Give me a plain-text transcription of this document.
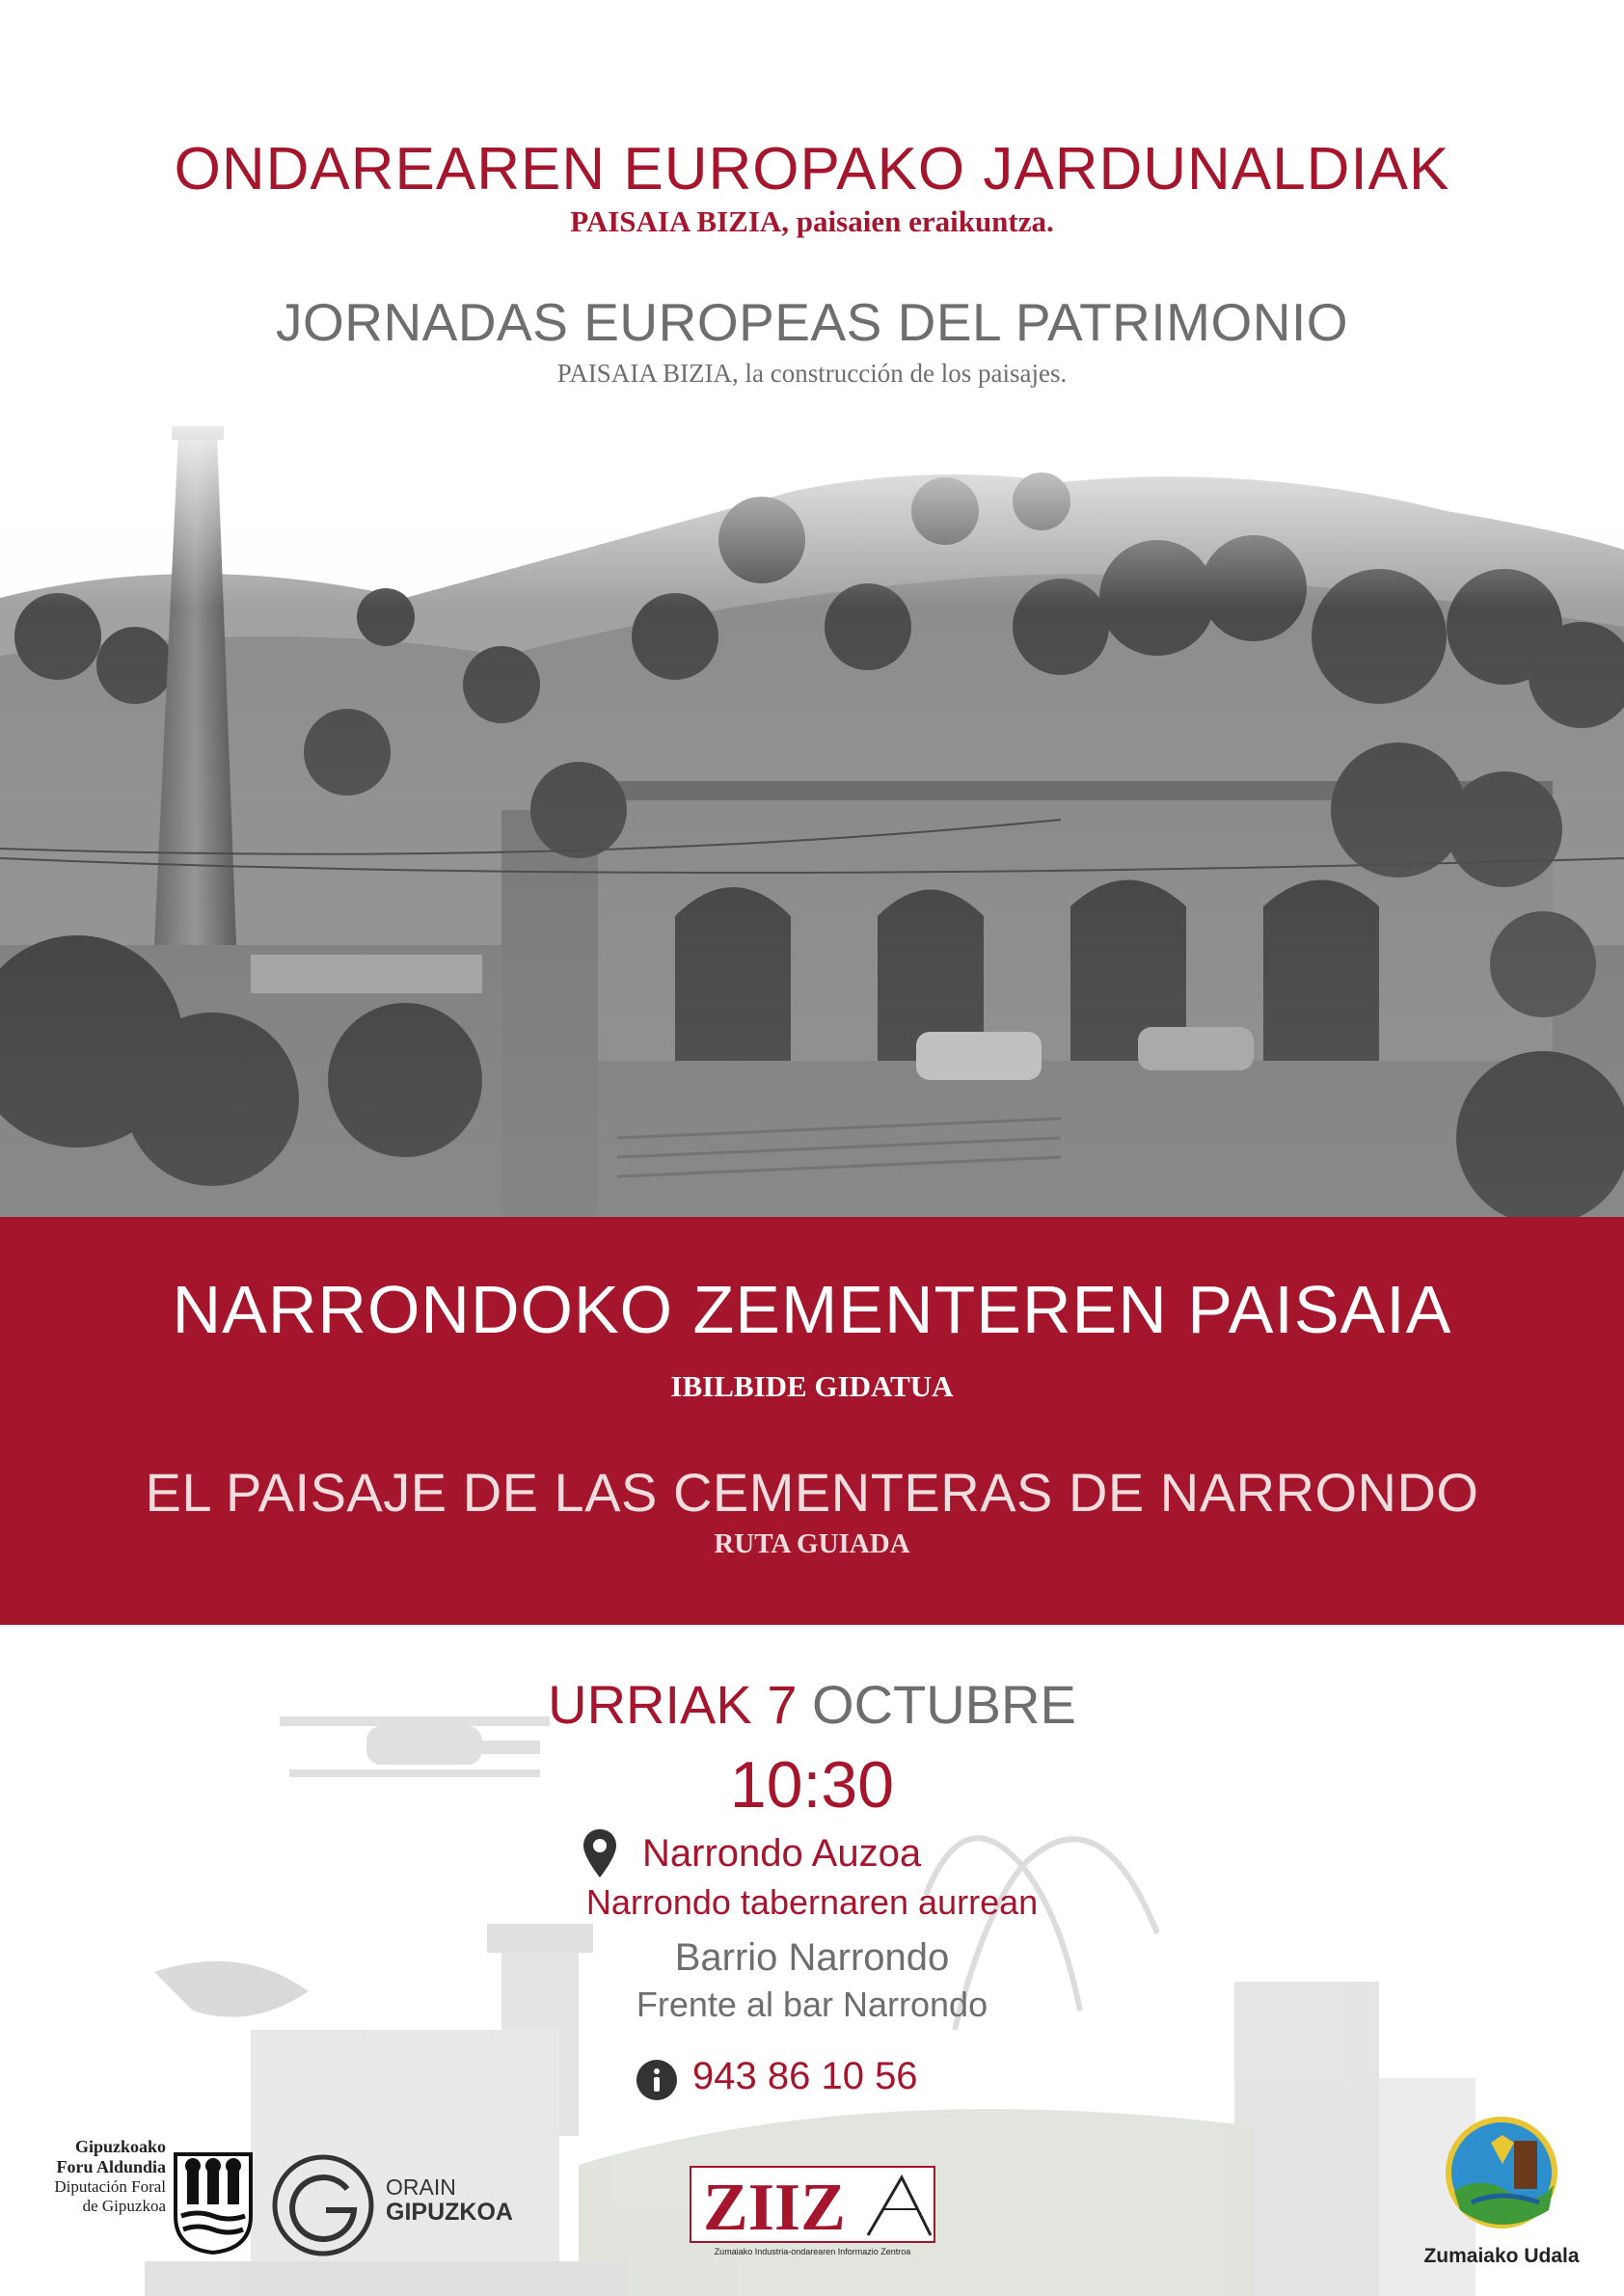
ONDAREAREN EUROPAKO JARDUNALDIAK
PAISAIA BIZIA, paisaien eraikuntza.
JORNADAS EUROPEAS DEL PATRIMONIO
PAISAIA BIZIA, la construcción de los paisajes.
NARRONDOKO ZEMENTEREN PAISAIA
IBILBIDE GIDATUA
EL PAISAJE DE LAS CEMENTERAS DE NARRONDO
RUTA GUIADA
URRIAK 7 OCTUBRE
10:30
Narrondo Auzoa
Narrondo tabernaren aurrean
Barrio Narrondo
Frente al bar Narrondo
943 86 10 56
Gipuzkoako
Foru Aldundia
Diputación Foral
de Gipuzkoa
ORAIN
GIPUZKOA	ZIIZ
Zumaiako Industria-ondarearen Informazio Zentroa	Zumaiako Udala
